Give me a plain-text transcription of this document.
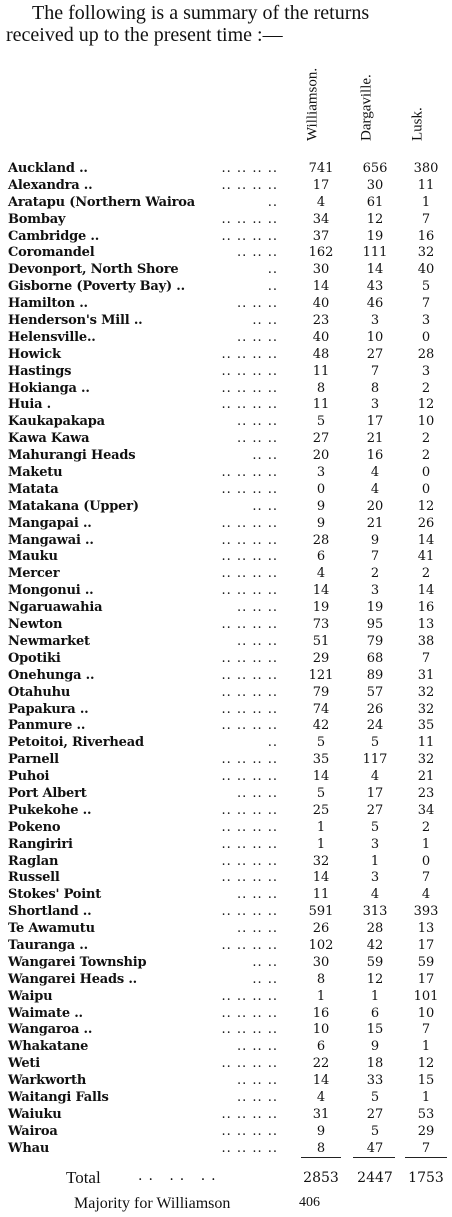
The following is a summary of the returns
received up to the present time :—
Williamson.	Dargaville. Lusk.
Auckland ..	.. .. .. ..	741	656	380
Alexandra ..	.. .. .. ..	17	30	11
Aratapu (Northern Wairoa	..	4	61	1
Bombay	.. .. .. ..	34	12	7
Cambridge ..	.. .. .. ..	37	19	16
Coromandel	.. .. ..	162	111	32
Devonport, North Shore	..	30	14	40
Gisborne (Poverty Bay) ..	..	14	43	5
Hamilton ..	.. .. ..	40	46	7
Henderson's Mill ..	.. ..	23	3	3
Helensville..	.. .. ..	40	10	0
Howick	.. .. .. ..	48	27	28
Hastings	.. .. .. ..	11	7	3
Hokianga ..	.. .. .. ..	8	8	2
Huia .	.. .. .. ..	11	3	12
Kaukapakapa	.. .. ..	5	17	10
Kawa Kawa	.. .. ..	27	21	2
Mahurangi Heads	.. ..	20	16	2
Maketu	.. .. .. ..	3	4	0
Matata	.. .. .. ..	0	4	0
Matakana (Upper)	.. ..	9	20	12
Mangapai ..	.. .. .. ..	9	21	26
Mangawai ..	.. .. .. ..	28	9	14
Mauku	.. .. .. ..	6	7	41
Mercer	.. .. .. ..	4	2	2
Mongonui ..	.. .. .. ..	14	3	14
Ngaruawahia	.. .. ..	19	19	16
Newton	.. .. .. ..	73	95	13
Newmarket	.. .. ..	51	79	38
Opotiki	.. .. .. ..	29	68	7
Onehunga ..	.. .. .. ..	121	89	31
Otahuhu	.. .. .. ..	79	57	32
Papakura ..	.. .. .. ..	74	26	32
Panmure ..	.. .. .. ..	42	24	35
Petoitoi, Riverhead	..	5	5	11
Parnell	.. .. .. ..	35	117	32
Puhoi	.. .. .. ..	14	4	21
Port Albert	.. .. ..	5	17	23
Pukekohe ..	.. .. .. ..	25	27	34
Pokeno	.. .. .. ..	1	5	2
Rangiriri	.. .. .. ..	1	3	1
Raglan	.. .. .. ..	32	1	0
Russell	.. .. .. ..	14	3	7
Stokes' Point	.. .. ..	11	4	4
Shortland ..	.. .. .. ..	591	313	393
Te Awamutu	.. .. ..	26	28	13
Tauranga ..	.. .. .. ..	102	42	17
Wangarei Township	.. ..	30	59	59
Wangarei Heads ..	.. ..	8	12	17
Waipu	.. .. .. ..	1	1	101
Waimate ..	.. .. .. ..	16	6	10
Wangaroa ..	.. .. .. ..	10	15	7
Whakatane	.. .. ..	6	9	1
Weti	.. .. .. ..	22	18	12
Warkworth	.. .. ..	14	33	15
Waitangi Falls	.. .. ..	4	5	1
Waiuku	.. .. .. ..	31	27	53
Wairoa	.. .. .. ..	9	5	29
Whau	.. .. .. ..	8	47	7
Total	.. .. ..	2853 2447 1753
Majority for Williamson	406
